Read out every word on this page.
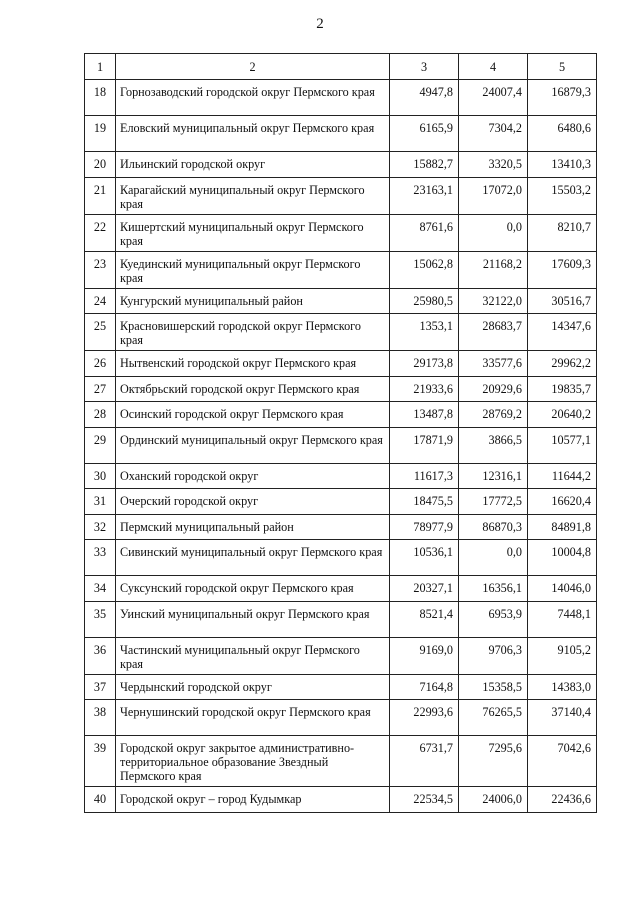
2
1	2	3	4	5
18	Горнозаводский городской округ Пермского края	4947,8	24007,4	16879,3
19	Еловский муниципальный округ Пермского края	6165,9	7304,2	6480,6
20	Ильинский городской округ	15882,7	3320,5	13410,3
21	Карагайский муниципальный округ Пермского края	23163,1	17072,0	15503,2
22	Кишертский муниципальный округ Пермского края	8761,6	0,0	8210,7
23	Куединский муниципальный округ Пермского края	15062,8	21168,2	17609,3
24	Кунгурский муниципальный район	25980,5	32122,0	30516,7
25	Красновишерский городской округ Пермского края	1353,1	28683,7	14347,6
26	Нытвенский городской округ Пермского края	29173,8	33577,6	29962,2
27	Октябрьский городской округ Пермского края	21933,6	20929,6	19835,7
28	Осинский городской округ Пермского края	13487,8	28769,2	20640,2
29	Ординский муниципальный округ Пермского края	17871,9	3866,5	10577,1
30	Оханский городской округ	11617,3	12316,1	11644,2
31	Очерский городской округ	18475,5	17772,5	16620,4
32	Пермский муниципальный район	78977,9	86870,3	84891,8
33	Сивинский муниципальный округ Пермского края	10536,1	0,0	10004,8
34	Суксунский городской округ Пермского края	20327,1	16356,1	14046,0
35	Уинский муниципальный округ Пермского края	8521,4	6953,9	7448,1
36	Частинский муниципальный округ Пермского края	9169,0	9706,3	9105,2
37	Чердынский городской округ	7164,8	15358,5	14383,0
38	Чернушинский городской округ Пермского края	22993,6	76265,5	37140,4
39	Городской округ закрытое административно-территориальное образование Звездный Пермского края	6731,7	7295,6	7042,6
40	Городской округ – город Кудымкар	22534,5	24006,0	22436,6
